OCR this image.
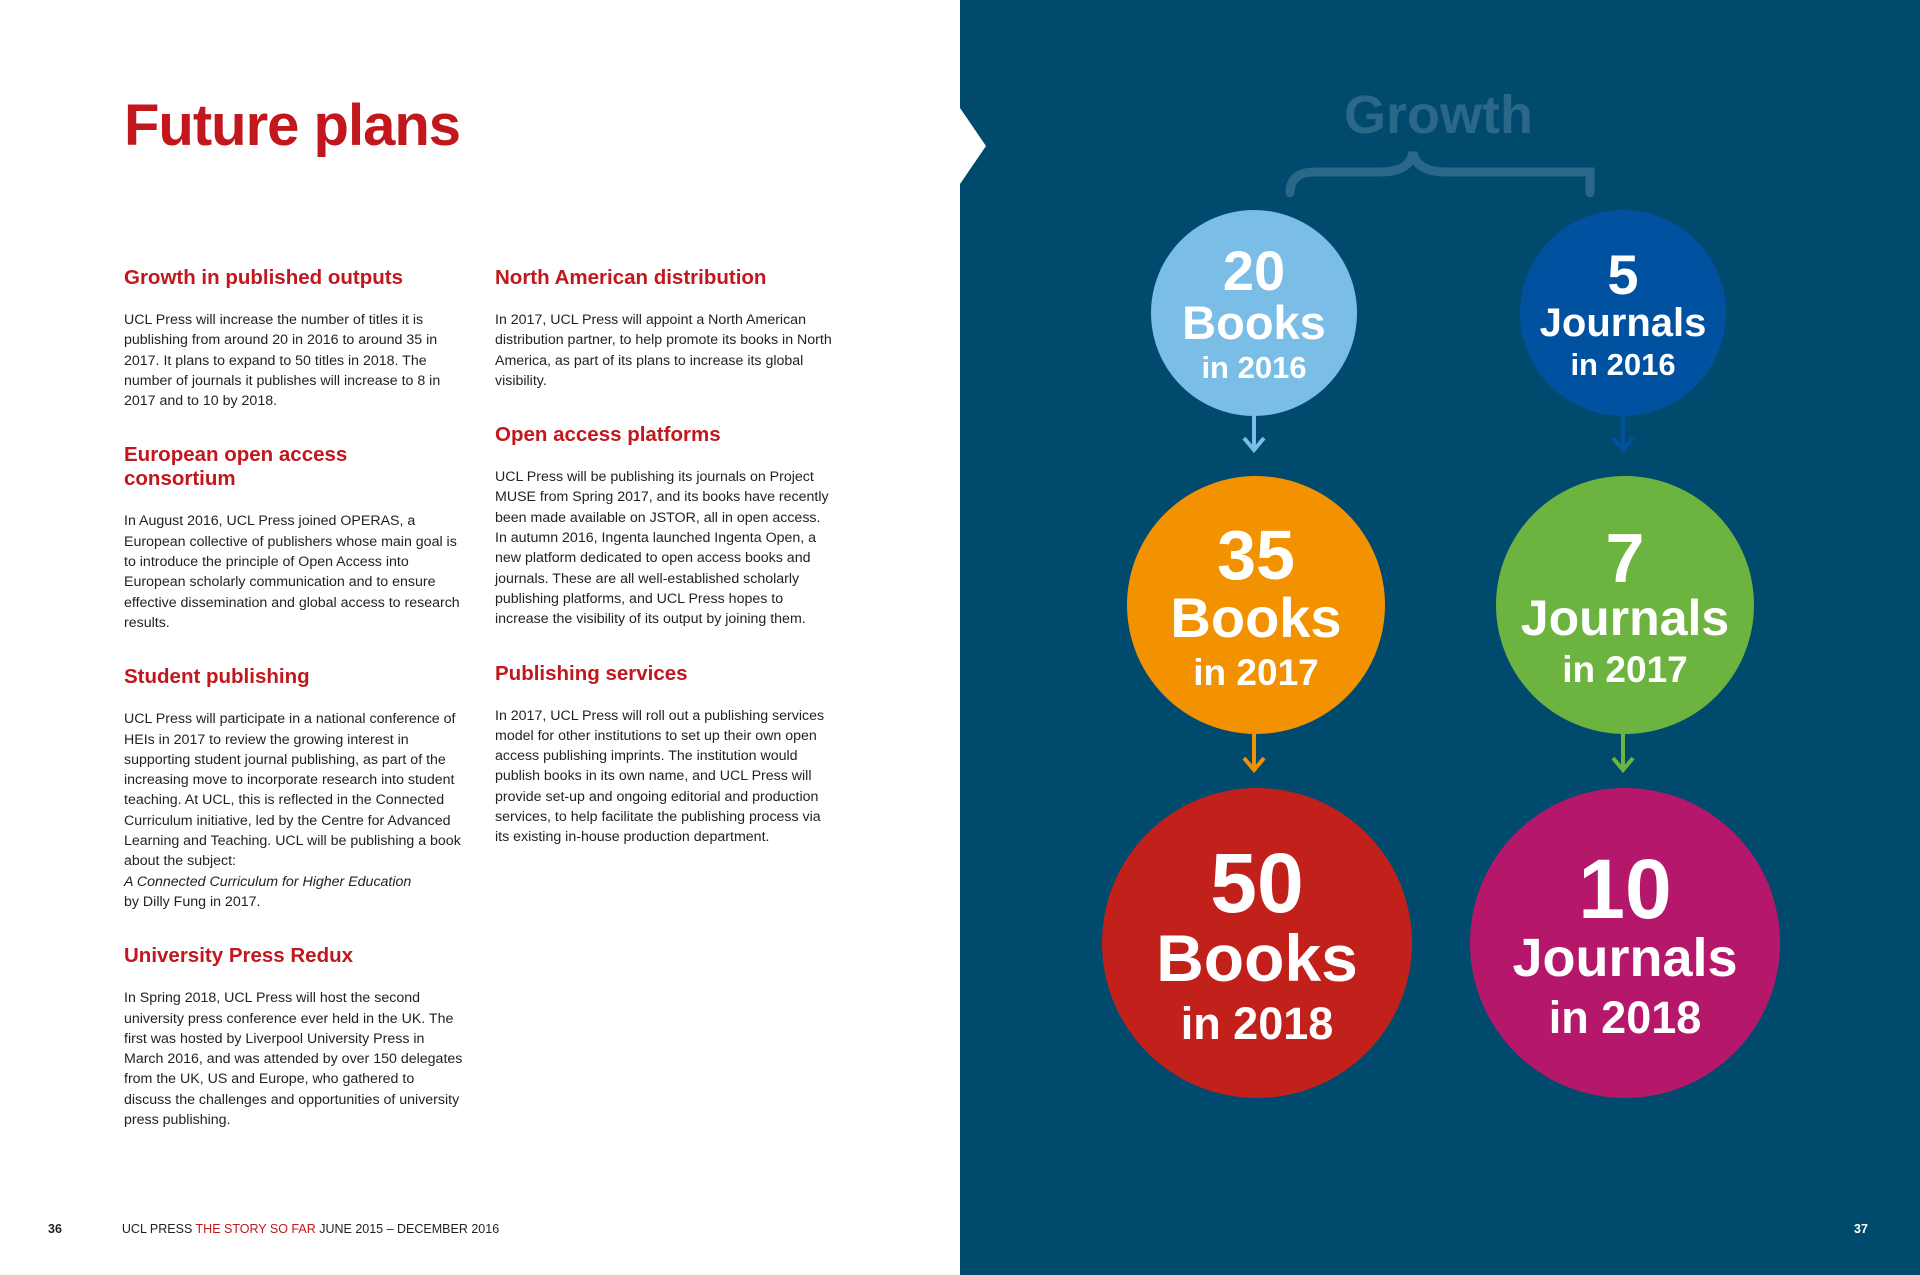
Future plans
Growth in published outputs

UCL Press will increase the number of titles it is publishing from around 20 in 2016 to around 35 in 2017. It plans to expand to 50 titles in 2018. The number of journals it publishes will increase to 8 in 2017 and to 10 by 2018.

European open access consortium

In August 2016, UCL Press joined OPERAS, a European collective of publishers whose main goal is to introduce the principle of Open Access into European scholarly communication and to ensure effective dissemination and global access to research results.

Student publishing

UCL Press will participate in a national conference of HEIs in 2017 to review the growing interest in supporting student journal publishing, as part of the increasing move to incorporate research into student teaching. At UCL, this is reflected in the Connected Curriculum initiative, led by the Centre for Advanced Learning and Teaching. UCL will be publishing a book about the subject:
A Connected Curriculum for Higher Education
by Dilly Fung in 2017.

University Press Redux

In Spring 2018, UCL Press will host the second university press conference ever held in the UK. The first was hosted by Liverpool University Press in March 2016, and was attended by over 150 delegates from the UK, US and Europe, who gathered to discuss the challenges and opportunities of university press publishing.

North American distribution

In 2017, UCL Press will appoint a North American distribution partner, to help promote its books in North America, as part of its plans to increase its global visibility.

Open access platforms

UCL Press will be publishing its journals on Project MUSE from Spring 2017, and its books have recently been made available on JSTOR, all in open access. In autumn 2016, Ingenta launched Ingenta Open, a new platform dedicated to open access books and journals. These are all well-established scholarly publishing platforms, and UCL Press hopes to increase the visibility of its output by joining them.

Publishing services

In 2017, UCL Press will roll out a publishing services model for other institutions to set up their own open access publishing imprints. The institution would publish books in its own name, and UCL Press will provide set-up and ongoing editorial and production services, to help facilitate the publishing process via its existing in-house production department.

36	UCL PRESS THE STORY SO FAR JUNE 2015 – DECEMBER 2016
Growth
20
Books
in 2016
35
Books
in 2017
50
Books
in 2018
5
Journals
in 2016
7
Journals
in 2017
10
Journals
in 2018
37
